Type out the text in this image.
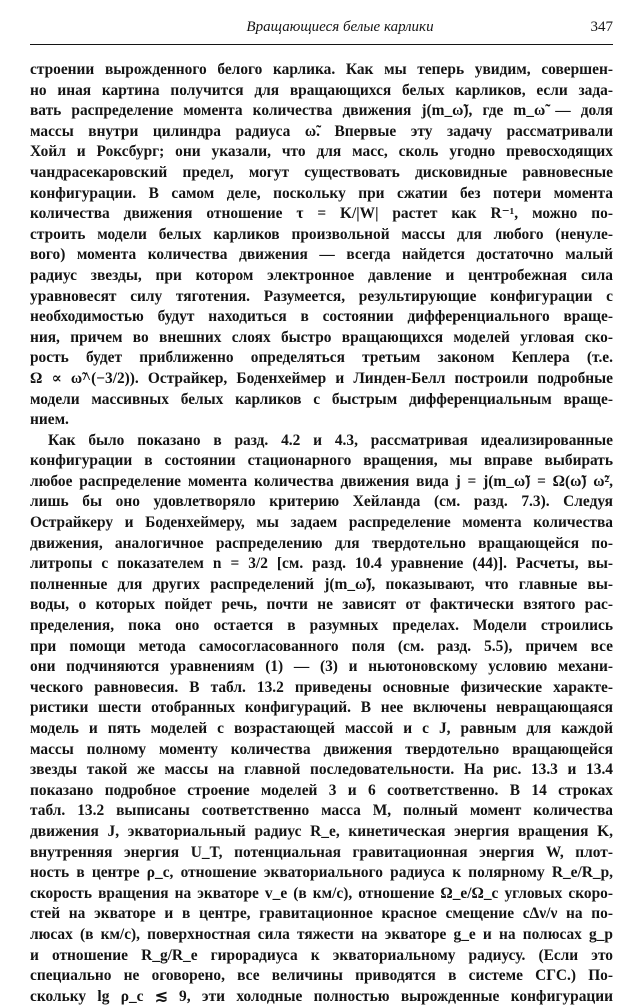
Вращающиеся белые карлики	347

строении вырожденного белого карлика. Как мы теперь увидим, совершен-
но иная картина получится для вращающихся белых карликов, если зада-
вать распределение момента количества движения j(m_ω̃), где m_ω̃ — доля
массы внутри цилиндра радиуса ω̃. Впервые эту задачу рассматривали
Хойл и Роксбург; они указали, что для масс, сколь угодно превосходящих
чандрасекаровский предел, могут существовать дисковидные равновесные
конфигурации. В самом деле, поскольку при сжатии без потери момента
количества движения отношение τ = K/|W| растет как R⁻¹, можно по-
строить модели белых карликов произвольной массы для любого (ненуле-
вого) момента количества движения — всегда найдется достаточно малый
радиус звезды, при котором электронное давление и центробежная сила
уравновесят силу тяготения. Разумеется, результирующие конфигурации с
необходимостью будут находиться в состоянии дифференциального враще-
ния, причем во внешних слоях быстро вращающихся моделей угловая ско-
рость будет приближенно определяться третьим законом Кеплера (т.е.
Ω ∝ ω̃^(−3/2)). Острайкер, Боденхеймер и Линден-Белл построили подробные
модели массивных белых карликов с быстрым дифференциальным враще-
нием.

Как было показано в разд. 4.2 и 4.3, рассматривая идеализированные
конфигурации в состоянии стационарного вращения, мы вправе выбирать
любое распределение момента количества движения вида j = j(m_ω̃) = Ω(ω̃) ω̃²,
лишь бы оно удовлетворяло критерию Хейланда (см. разд. 7.3). Следуя
Острайкеру и Боденхеймеру, мы задаем распределение момента количества
движения, аналогичное распределению для твердотельно вращающейся по-
литропы с показателем n = 3/2 [см. разд. 10.4 уравнение (44)]. Расчеты, вы-
полненные для других распределений j(m_ω̃), показывают, что главные вы-
воды, о которых пойдет речь, почти не зависят от фактически взятого рас-
пределения, пока оно остается в разумных пределах. Модели строились
при помощи метода самосогласованного поля (см. разд. 5.5), причем все
они подчиняются уравнениям (1) — (3) и ньютоновскому условию механи-
ческого равновесия. В табл. 13.2 приведены основные физические характе-
ристики шести отобранных конфигураций. В нее включены невращающаяся
модель и пять моделей с возрастающей массой и с J, равным для каждой
массы полному моменту количества движения твердотельно вращающейся
звезды такой же массы на главной последовательности. На рис. 13.3 и 13.4
показано подробное строение моделей 3 и 6 соответственно. В 14 строках
табл. 13.2 выписаны соответственно масса M, полный момент количества
движения J, экваториальный радиус R_e, кинетическая энергия вращения K,
внутренняя энергия U_T, потенциальная гравитационная энергия W, плот-
ность в центре ρ_c, отношение экваториального радиуса к полярному R_e/R_p,
скорость вращения на экваторе v_e (в км/с), отношение Ω_e/Ω_c угловых скоро-
стей на экваторе и в центре, гравитационное красное смещение cΔν/ν на по-
люсах (в км/с), поверхностная сила тяжести на экваторе g_e и на полюсах g_p
и отношение R_g/R_e гирорадиуса к экваториальному радиусу. (Если это
специально не оговорено, все величины приводятся в системе СГС.) По-
скольку lg ρ_c ≲ 9, эти холодные полностью вырожденные конфигурации
